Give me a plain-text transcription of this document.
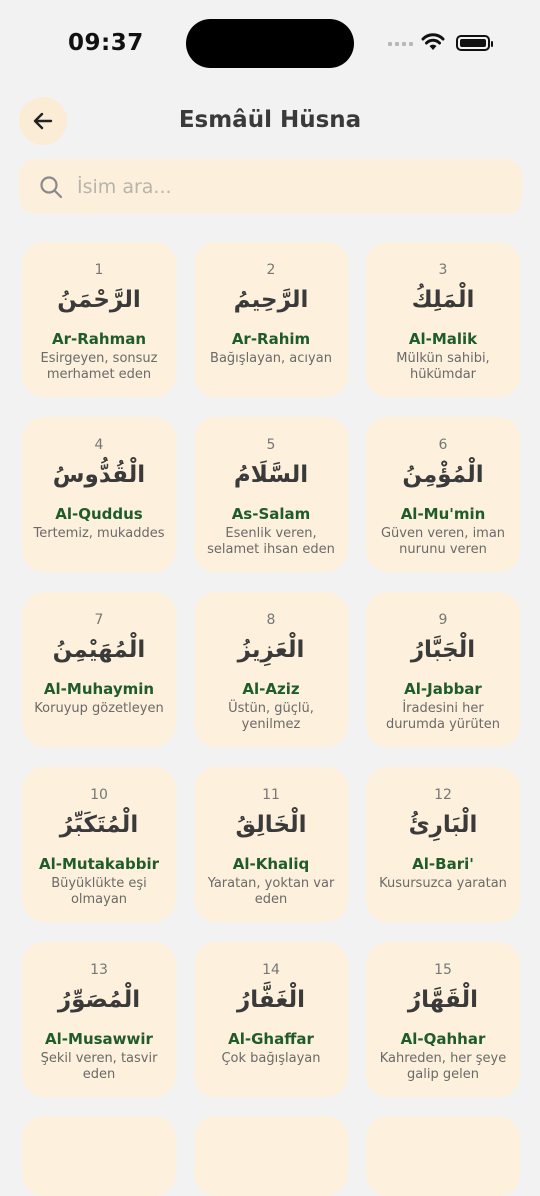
09:37
Esmâül Hüsna
İsim ara...
1
الرَّحْمَنُ
Ar-Rahman
Esirgeyen, sonsuz merhamet eden
2
الرَّحِيمُ
Ar-Rahim
Bağışlayan, acıyan
3
الْمَلِكُ
Al-Malik
Mülkün sahibi, hükümdar
4
الْقُدُّوسُ
Al-Quddus
Tertemiz, mukaddes
5
السَّلَامُ
As-Salam
Esenlik veren, selamet ihsan eden
6
الْمُؤْمِنُ
Al-Mu'min
Güven veren, iman nurunu veren
7
الْمُهَيْمِنُ
Al-Muhaymin
Koruyup gözetleyen
8
الْعَزِيزُ
Al-Aziz
Üstün, güçlü, yenilmez
9
الْجَبَّارُ
Al-Jabbar
İradesini her durumda yürüten
10
الْمُتَكَبِّرُ
Al-Mutakabbir
Büyüklükte eşi olmayan
11
الْخَالِقُ
Al-Khaliq
Yaratan, yoktan var eden
12
الْبَارِئُ
Al-Bari'
Kusursuzca yaratan
13
الْمُصَوِّرُ
Al-Musawwir
Şekil veren, tasvir eden
14
الْغَفَّارُ
Al-Ghaffar
Çok bağışlayan
15
الْقَهَّارُ
Al-Qahhar
Kahreden, her şeye galip gelen
